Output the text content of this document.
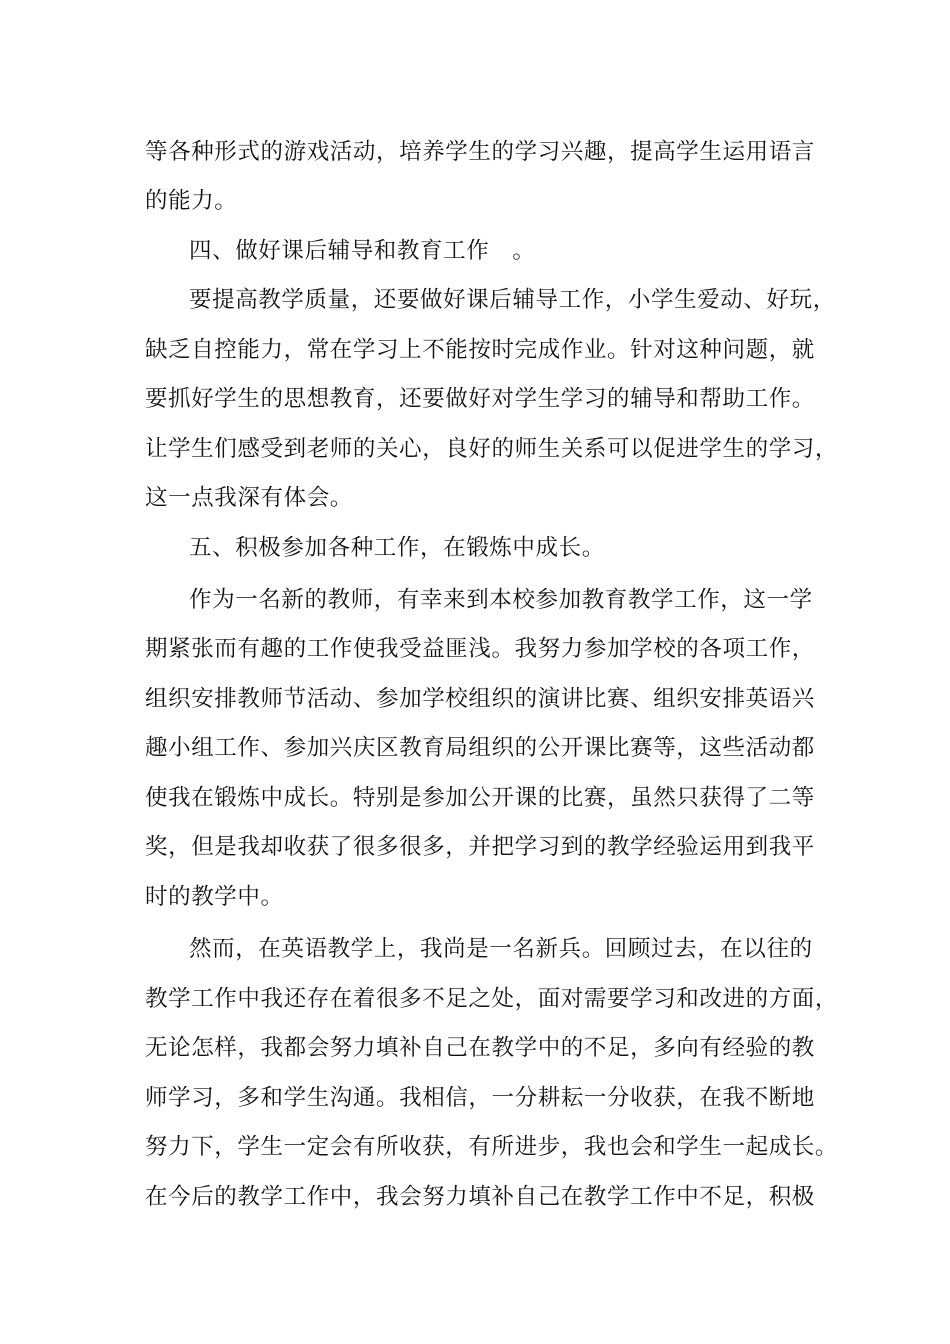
等各种形式的游戏活动，培养学生的学习兴趣，提高学生运用语言
的能力。
四、做好课后辅导和教育工作　。
要提高教学质量，还要做好课后辅导工作，小学生爱动、好玩，
缺乏自控能力，常在学习上不能按时完成作业。针对这种问题，就
要抓好学生的思想教育，还要做好对学生学习的辅导和帮助工作。
让学生们感受到老师的关心，良好的师生关系可以促进学生的学习，
这一点我深有体会。
五、积极参加各种工作，在锻炼中成长。
作为一名新的教师，有幸来到本校参加教育教学工作，这一学
期紧张而有趣的工作使我受益匪浅。我努力参加学校的各项工作，
组织安排教师节活动、参加学校组织的演讲比赛、组织安排英语兴
趣小组工作、参加兴庆区教育局组织的公开课比赛等，这些活动都
使我在锻炼中成长。特别是参加公开课的比赛，虽然只获得了二等
奖，但是我却收获了很多很多，并把学习到的教学经验运用到我平
时的教学中。
然而，在英语教学上，我尚是一名新兵。回顾过去，在以往的
教学工作中我还存在着很多不足之处，面对需要学习和改进的方面，
无论怎样，我都会努力填补自己在教学中的不足，多向有经验的教
师学习，多和学生沟通。我相信，一分耕耘一分收获，在我不断地
努力下，学生一定会有所收获，有所进步，我也会和学生一起成长。
在今后的教学工作中，我会努力填补自己在教学工作中不足，积极
